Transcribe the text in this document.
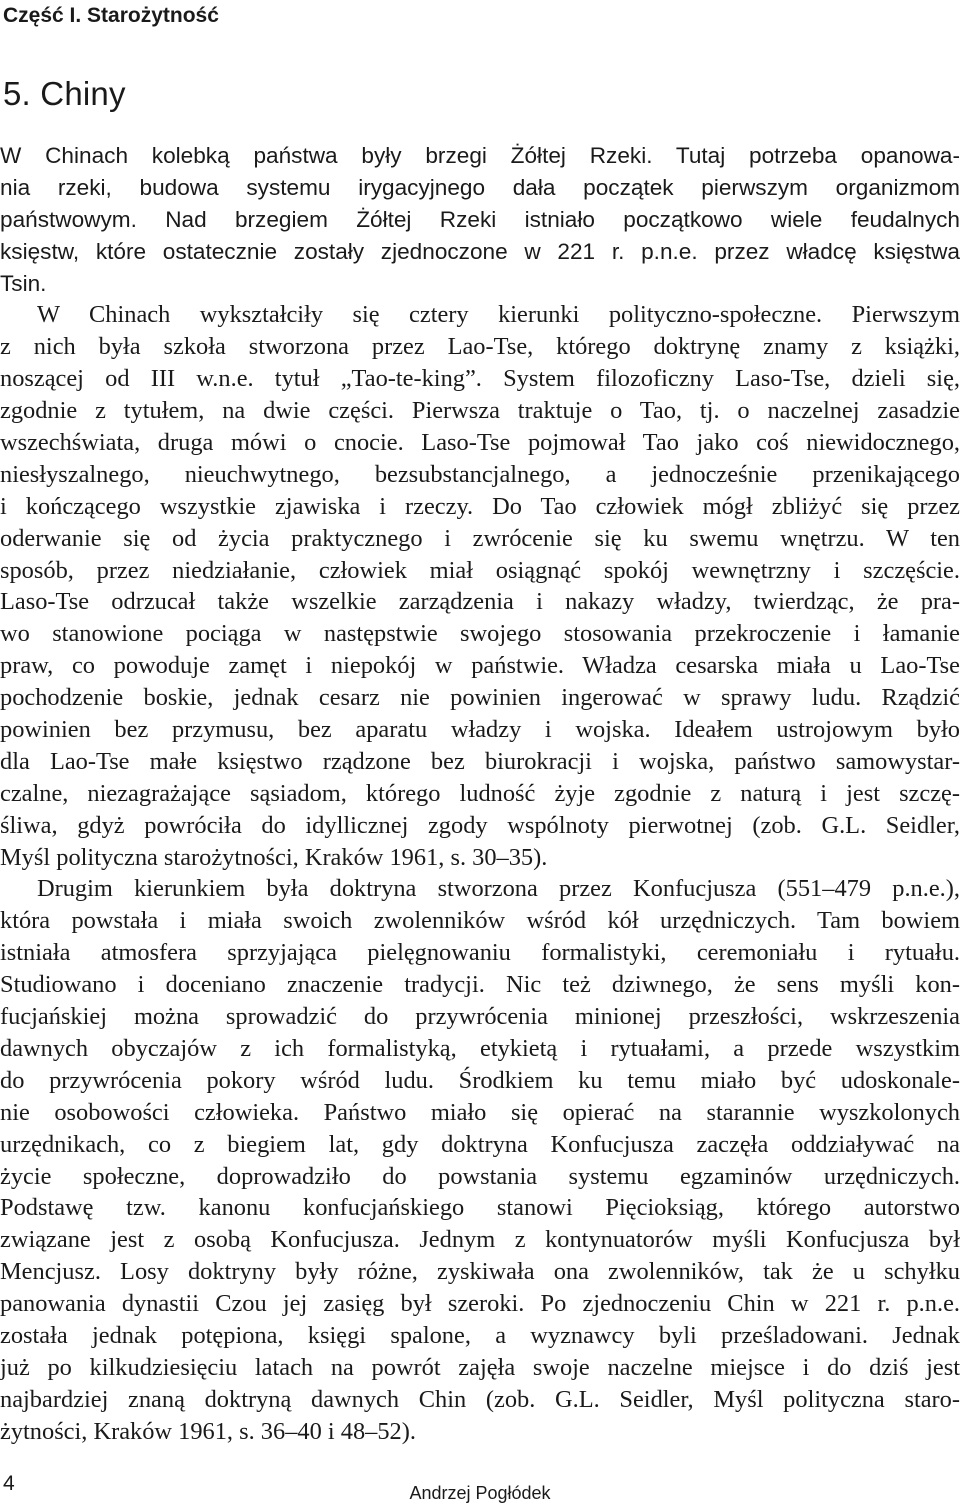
Część I. Starożytność
5. Chiny
W Chinach kolebką państwa były brzegi Żółtej Rzeki. Tutaj potrzeba opanowa-
nia rzeki, budowa systemu irygacyjnego dała początek pierwszym organizmom
państwowym. Nad brzegiem Żółtej Rzeki istniało początkowo wiele feudalnych
księstw, które ostatecznie zostały zjednoczone w 221 r. p.n.e. przez władcę księstwa
Tsin.
W Chinach wykształciły się cztery kierunki polityczno-społeczne. Pierwszym
z nich była szkoła stworzona przez Lao-Tse, którego doktrynę znamy z książki,
noszącej od III w.n.e. tytuł „Tao-te-king”. System filozoficzny Laso-Tse, dzieli się,
zgodnie z tytułem, na dwie części. Pierwsza traktuje o Tao, tj. o naczelnej zasadzie
wszechświata, druga mówi o cnocie. Laso-Tse pojmował Tao jako coś niewidocznego,
niesłyszalnego, nieuchwytnego, bezsubstancjalnego, a jednocześnie przenikającego
i kończącego wszystkie zjawiska i rzeczy. Do Tao człowiek mógł zbliżyć się przez
oderwanie się od życia praktycznego i zwrócenie się ku swemu wnętrzu. W ten
sposób, przez niedziałanie, człowiek miał osiągnąć spokój wewnętrzny i szczęście.
Laso-Tse odrzucał także wszelkie zarządzenia i nakazy władzy, twierdząc, że pra-
wo stanowione pociąga w następstwie swojego stosowania przekroczenie i łamanie
praw, co powoduje zamęt i niepokój w państwie. Władza cesarska miała u Lao-Tse
pochodzenie boskie, jednak cesarz nie powinien ingerować w sprawy ludu. Rządzić
powinien bez przymusu, bez aparatu władzy i wojska. Ideałem ustrojowym było
dla Lao-Tse małe księstwo rządzone bez biurokracji i wojska, państwo samowystar-
czalne, niezagrażające sąsiadom, którego ludność żyje zgodnie z naturą i jest szczę-
śliwa, gdyż powróciła do idyllicznej zgody wspólnoty pierwotnej (zob. G.L. Seidler,
Myśl polityczna starożytności, Kraków 1961, s. 30–35).
Drugim kierunkiem była doktryna stworzona przez Konfucjusza (551–479 p.n.e.),
która powstała i miała swoich zwolenników wśród kół urzędniczych. Tam bowiem
istniała atmosfera sprzyjająca pielęgnowaniu formalistyki, ceremoniału i rytuału.
Studiowano i doceniano znaczenie tradycji. Nic też dziwnego, że sens myśli kon-
fucjańskiej można sprowadzić do przywrócenia minionej przeszłości, wskrzeszenia
dawnych obyczajów z ich formalistyką, etykietą i rytuałami, a przede wszystkim
do przywrócenia pokory wśród ludu. Środkiem ku temu miało być udoskonale-
nie osobowości człowieka. Państwo miało się opierać na starannie wyszkolonych
urzędnikach, co z biegiem lat, gdy doktryna Konfucjusza zaczęła oddziaływać na
życie społeczne, doprowadziło do powstania systemu egzaminów urzędniczych.
Podstawę tzw. kanonu konfucjańskiego stanowi Pięcioksiąg, którego autorstwo
związane jest z osobą Konfucjusza. Jednym z kontynuatorów myśli Konfucjusza był
Mencjusz. Losy doktryny były różne, zyskiwała ona zwolenników, tak że u schyłku
panowania dynastii Czou jej zasięg był szeroki. Po zjednoczeniu Chin w 221 r. p.n.e.
została jednak potępiona, księgi spalone, a wyznawcy byli prześladowani. Jednak
już po kilkudziesięciu latach na powrót zajęła swoje naczelne miejsce i do dziś jest
najbardziej znaną doktryną dawnych Chin (zob. G.L. Seidler, Myśl polityczna staro-
żytności, Kraków 1961, s. 36–40 i 48–52).
4	Andrzej Pogłódek
